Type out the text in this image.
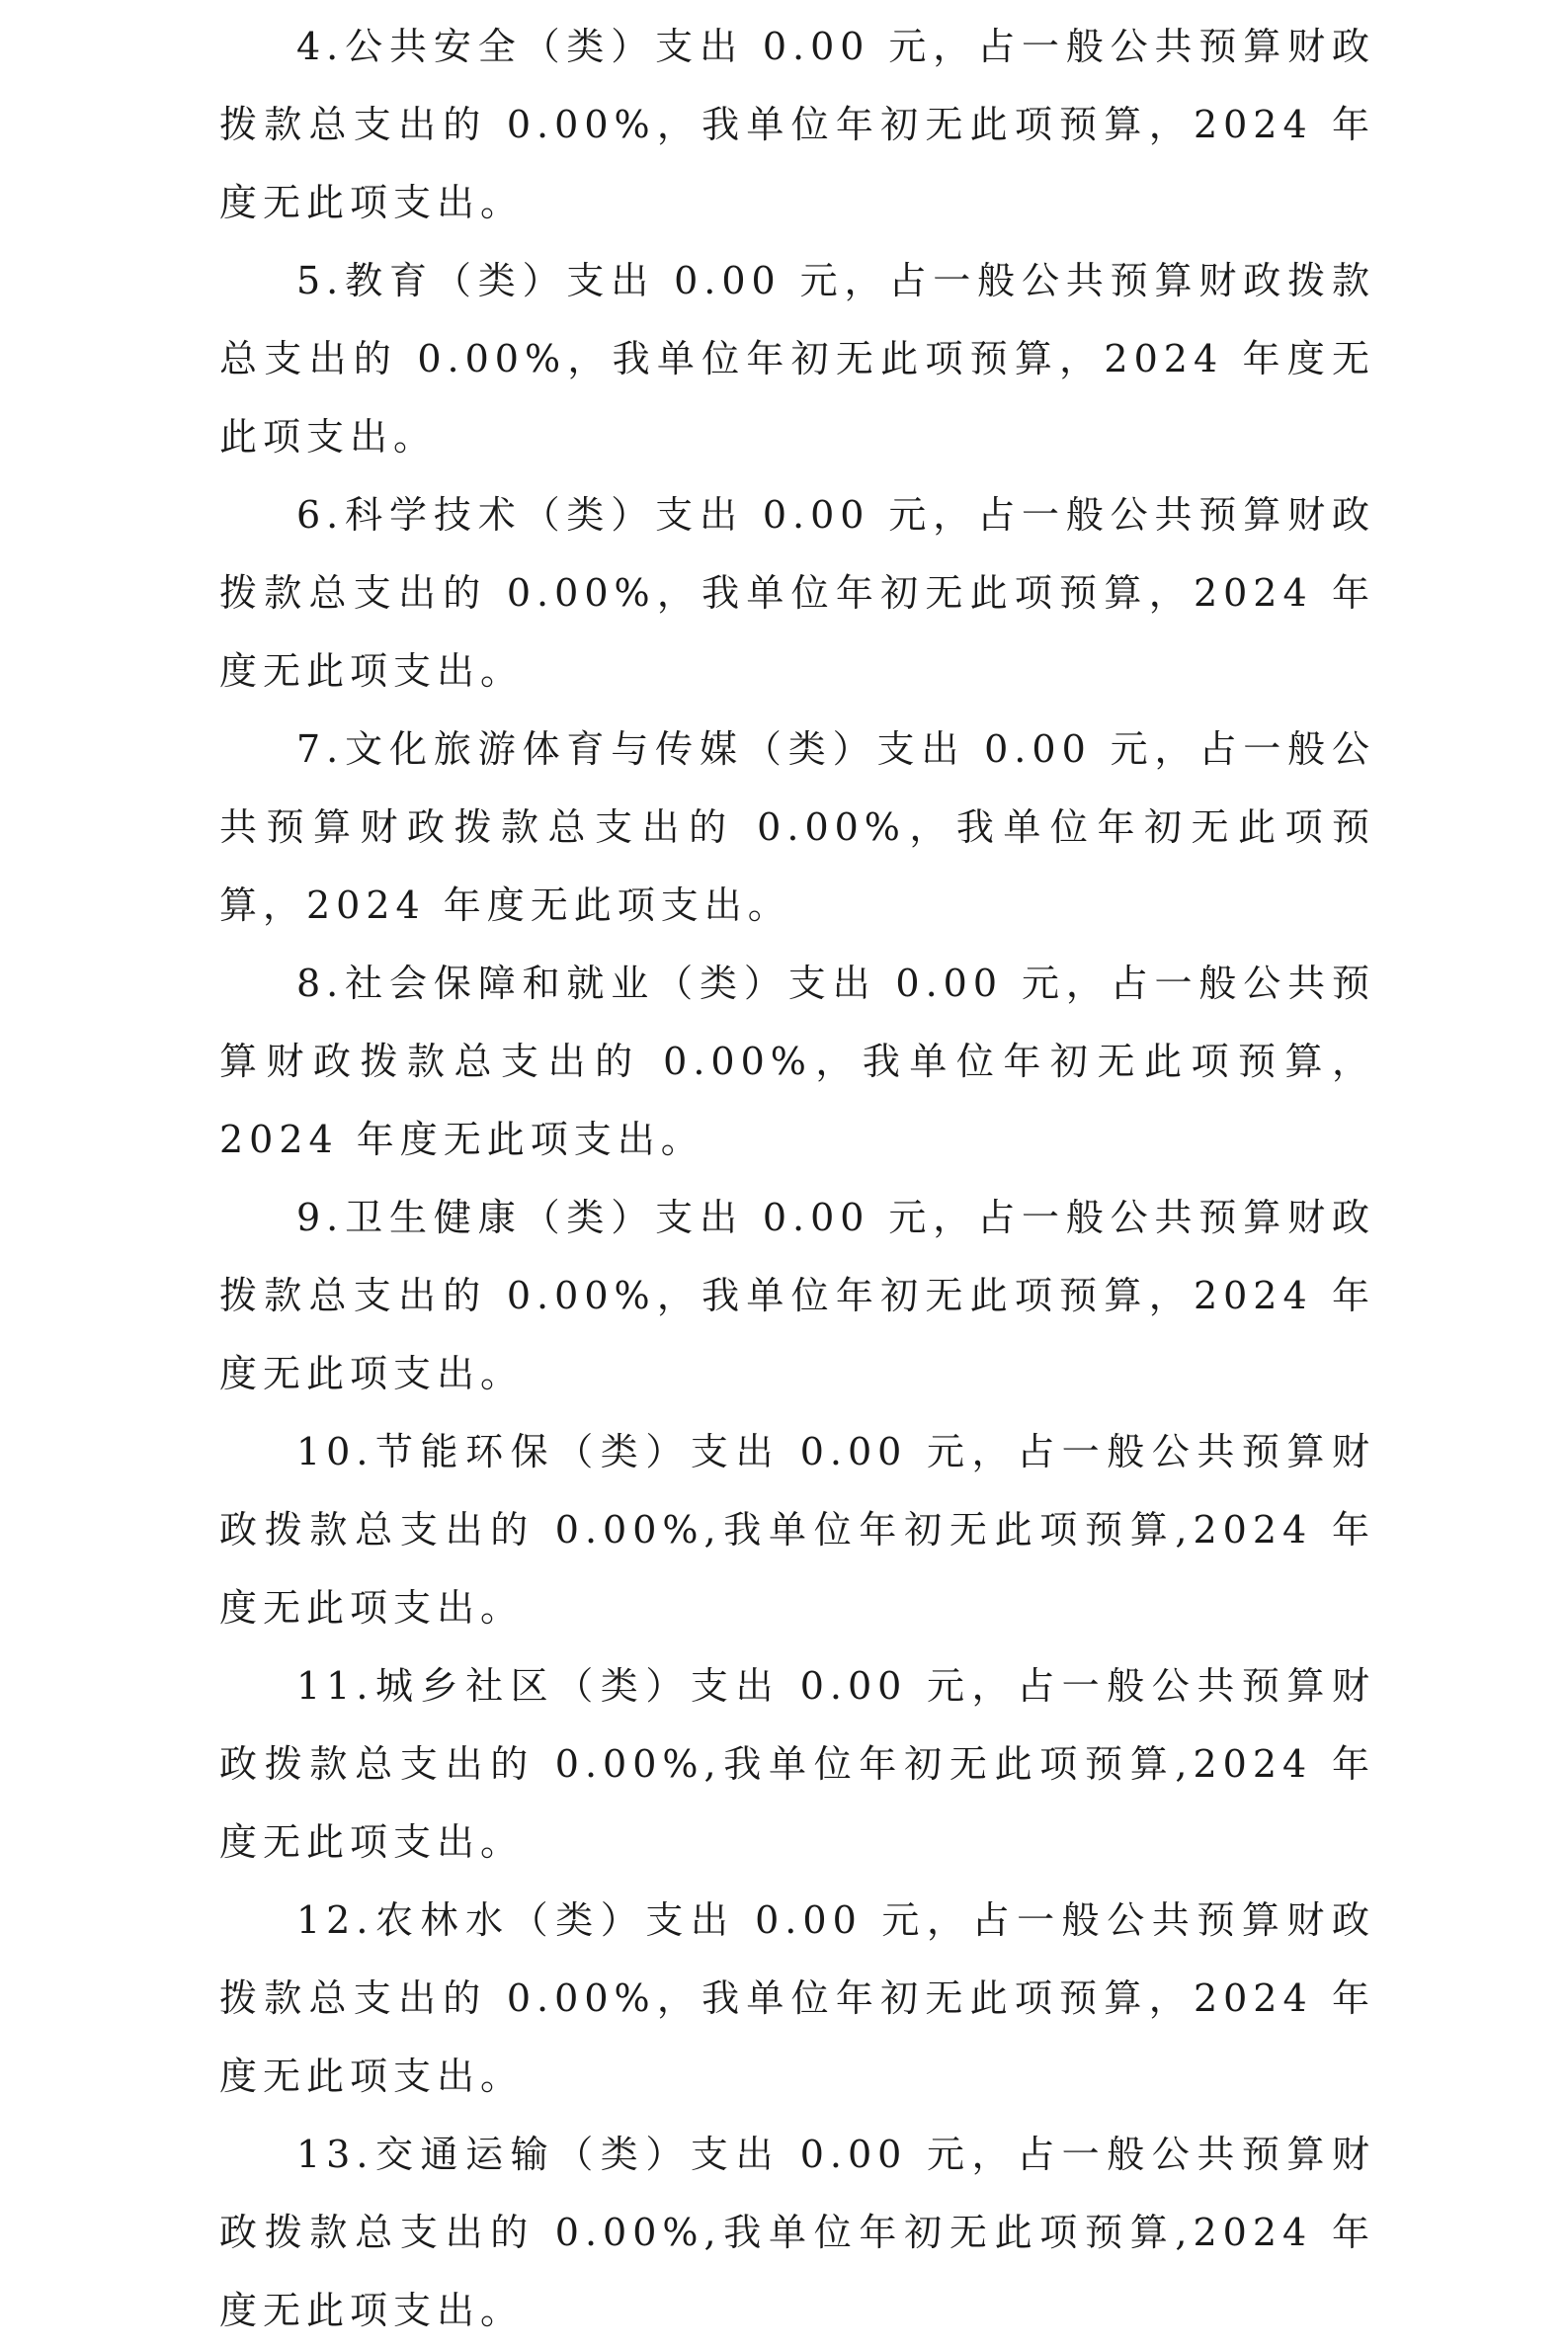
4.公共安全（类）支出 0.00 元，占一般公共预算财政拨款总支出的 0.00%，我单位年初无此项预算，2024 年度无此项支出。

5.教育（类）支出 0.00 元，占一般公共预算财政拨款总支出的 0.00%，我单位年初无此项预算，2024 年度无此项支出。

6.科学技术（类）支出 0.00 元，占一般公共预算财政拨款总支出的 0.00%，我单位年初无此项预算，2024 年度无此项支出。

7.文化旅游体育与传媒（类）支出 0.00 元，占一般公共预算财政拨款总支出的 0.00%，我单位年初无此项预算，2024 年度无此项支出。

8.社会保障和就业（类）支出 0.00 元，占一般公共预算财政拨款总支出的 0.00%，我单位年初无此项预算，2024 年度无此项支出。

9.卫生健康（类）支出 0.00 元，占一般公共预算财政拨款总支出的 0.00%，我单位年初无此项预算，2024 年度无此项支出。

10.节能环保（类）支出 0.00 元，占一般公共预算财政拨款总支出的 0.00%,我单位年初无此项预算,2024 年度无此项支出。

11.城乡社区（类）支出 0.00 元，占一般公共预算财政拨款总支出的 0.00%,我单位年初无此项预算,2024 年度无此项支出。

12.农林水（类）支出 0.00 元，占一般公共预算财政拨款总支出的 0.00%，我单位年初无此项预算，2024 年度无此项支出。

13.交通运输（类）支出 0.00 元，占一般公共预算财政拨款总支出的 0.00%,我单位年初无此项预算,2024 年度无此项支出。
